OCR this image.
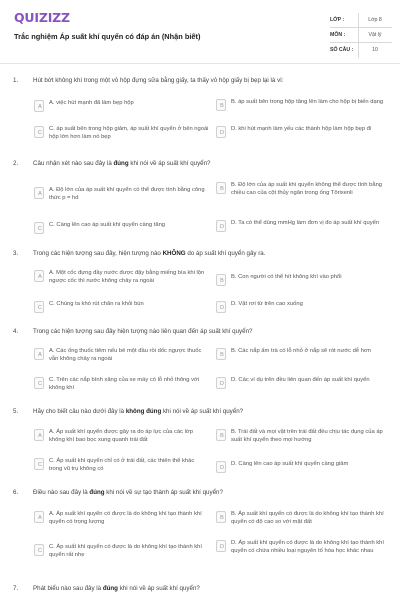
QUIZIZZ
Trắc nghiệm Áp suất khí quyển có đáp án (Nhận biết)
LỚP :	Lớp 8
MÔN :	Vật lý
SỐ CÂU :	10
1. Hút bớt không khí trong một vỏ hộp đựng sữa bằng giấy, ta thấy vỏ hộp giấy bị bẹp lại là vì:
A
A. việc hút mạnh đã làm bẹp hộp	B
B. áp suất bên trong hộp tăng lên làm cho hộp bị biến dạng
C
C. áp suất bên trong hộp giảm, áp suất khí quyển ở bên ngoài hộp lớn hơn làm nó bẹp
D
D. khi hút mạnh làm yếu các thành hộp làm hộp bẹp đi
2. Câu nhận xét nào sau đây là đúng khi nói về áp suất khí quyển?
A
A. Độ lớn của áp suất khí quyển có thể được tính bằng công thức p = hd
B
B. Độ lớn của áp suất khí quyển không thể được tính bằng chiều cao của cột thủy ngân trong ống Tôrixenli
C
C. Càng lên cao áp suất khí quyển càng tăng	D
D. Ta có thể dùng mmHg làm đơn vị đo áp suất khí quyển
3. Trong các hiện tượng sau đây, hiện tượng nào KHÔNG do áp suất khí quyển gây ra.
A
A. Một cốc đựng đầy nước được đậy bằng miếng bìa khi lộn ngược cốc thì nước không chảy ra ngoài	B
B. Con người có thể hít không khí vào phổi
C
C. Chúng ta khó rút chân ra khỏi bùn
D
D. Vật rơi từ trên cao xuống
4. Trong các hiện tượng sau đây hiện tượng nào liên quan đến áp suất khí quyển?
A
A. Các ống thuốc tiêm nếu bẻ một đầu rồi dốc ngược thuốc vẫn không chảy ra ngoài
B
B. Các nắp ấm trà có lỗ nhỏ ở nắp sẽ rót nước dễ hơn
C
C. Trên các nắp bình xăng của xe máy có lỗ nhỏ thông với không khí
D
D. Các ví dụ trên đều liên quan đến áp suất khí quyển
5. Hãy cho biết câu nào dưới đây là không đúng khi nói về áp suất khí quyển?
A
A. Áp suất khí quyển được gây ra do áp lực của các lớp không khí bao bọc xung quanh trái đất
B
B. Trái đất và mọi vật trên trái đất đều chịu tác dụng của áp suất khí quyển theo mọi hướng
C
C. Áp suất khí quyển chỉ có ở trái đất, các thiên thể khác trong vũ trụ không có	D
D. Càng lên cao áp suất khí quyển càng giảm
6. Điều nào sau đây là đúng khi nói về sự tạo thành áp suất khí quyển?
A
A. Áp suất khí quyển có được là do không khí tạo thành khí quyển có trọng lượng
B
B. Áp suất khí quyển có được là do không khí tạo thành khí quyển có độ cao so với mặt đất
C
C. Áp suất khí quyển có được là do không khí tạo thành khí quyển rất nhẹ
D
D. Áp suất khí quyển có được là do không khí tạo thành khí quyển có chứa nhiều loại nguyên tố hóa học khác nhau
7. Phát biểu nào sau đây là đúng khi nói về áp suất khí quyển?
